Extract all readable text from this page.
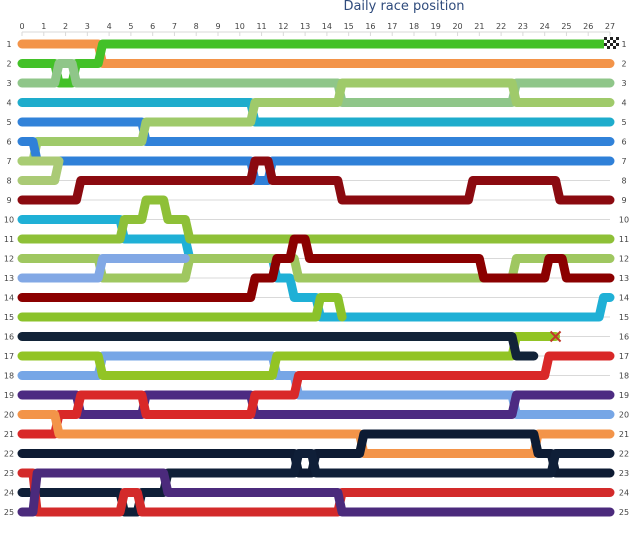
Daily race position
1	1
2	2
3	3
4	4
5	5
6	6
7	7
8	8
9	9
10	10
11	11
12	12
13	13
14	14
15	15
16	16
17	17
18	18
19	19
20	20
21	21
22	22
23	23
24	24
25	25
0 1 2 3 4 5 6 7 8 9 10 11 12 13 14 15 16 17 18 19 20 21 22 23 24 25 26 27
